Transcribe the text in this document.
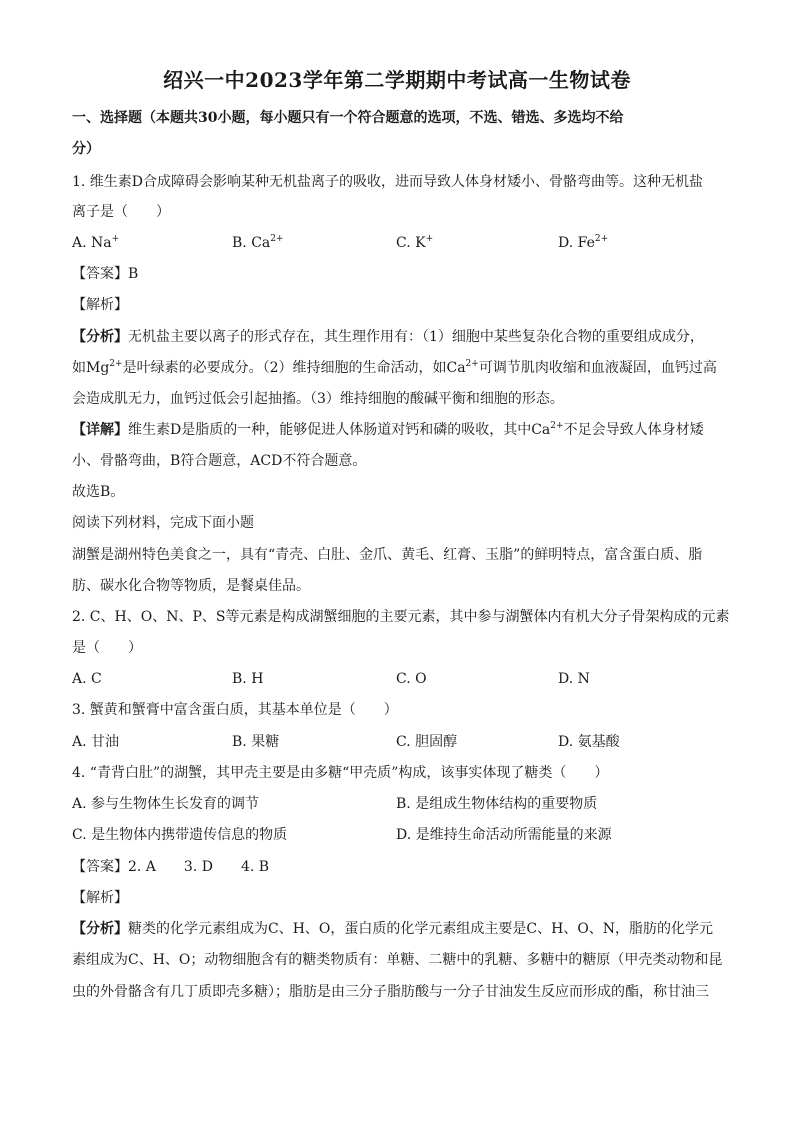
绍兴一中2023学年第二学期期中考试高一生物试卷
一、选择题（本题共30小题，每小题只有一个符合题意的选项，不选、错选、多选均不给
分）
1. 维生素D合成障碍会影响某种无机盐离子的吸收，进而导致人体身材矮小、骨骼弯曲等。这种无机盐
离子是（　　）
A. Na+	B. $Ca^{2+}$	C. K+	D. $Fe^{2+}$
【答案】B
【解析】
【分析】无机盐主要以离子的形式存在，其生理作用有：（1）细胞中某些复杂化合物的重要组成成分，
如$Mg^{2+}$是叶绿素的必要成分。（2）维持细胞的生命活动，如$Ca^{2+}$可调节肌肉收缩和血液凝固，血钙过高
会造成肌无力，血钙过低会引起抽搐。（3）维持细胞的酸碱平衡和细胞的形态。
【详解】维生素D是脂质的一种，能够促进人体肠道对钙和磷的吸收，其中$Ca^{2+}$不足会导致人体身材矮
小、骨骼弯曲，B符合题意，ACD不符合题意。
故选B。
阅读下列材料，完成下面小题
湖蟹是湖州特色美食之一，具有“青壳、白肚、金爪、黄毛、红膏、玉脂”的鲜明特点，富含蛋白质、脂
肪、碳水化合物等物质，是餐桌佳品。
2. C、H、O、N、P、S等元素是构成湖蟹细胞的主要元素，其中参与湖蟹体内有机大分子骨架构成的元素
是（　　）
A. C	B. H	C. O	D. N
3. 蟹黄和蟹膏中富含蛋白质，其基本单位是（　　）
A. 甘油	B. 果糖	C. 胆固醇	D. 氨基酸
4. “青背白肚”的湖蟹，其甲壳主要是由多糖“甲壳质”构成，该事实体现了糖类（　　）
A. 参与生物体生长发育的调节	B. 是组成生物体结构的重要物质
C. 是生物体内携带遗传信息的物质	D. 是维持生命活动所需能量的来源
【答案】2. A　　3. D　　4. B
【解析】
【分析】糖类的化学元素组成为C、H、O，蛋白质的化学元素组成主要是C、H、O、N，脂肪的化学元
素组成为C、H、O；动物细胞含有的糖类物质有：单糖、二糖中的乳糖、多糖中的糖原（甲壳类动物和昆
虫的外骨骼含有几丁质即壳多糖）；脂肪是由三分子脂肪酸与一分子甘油发生反应而形成的酯，称甘油三
